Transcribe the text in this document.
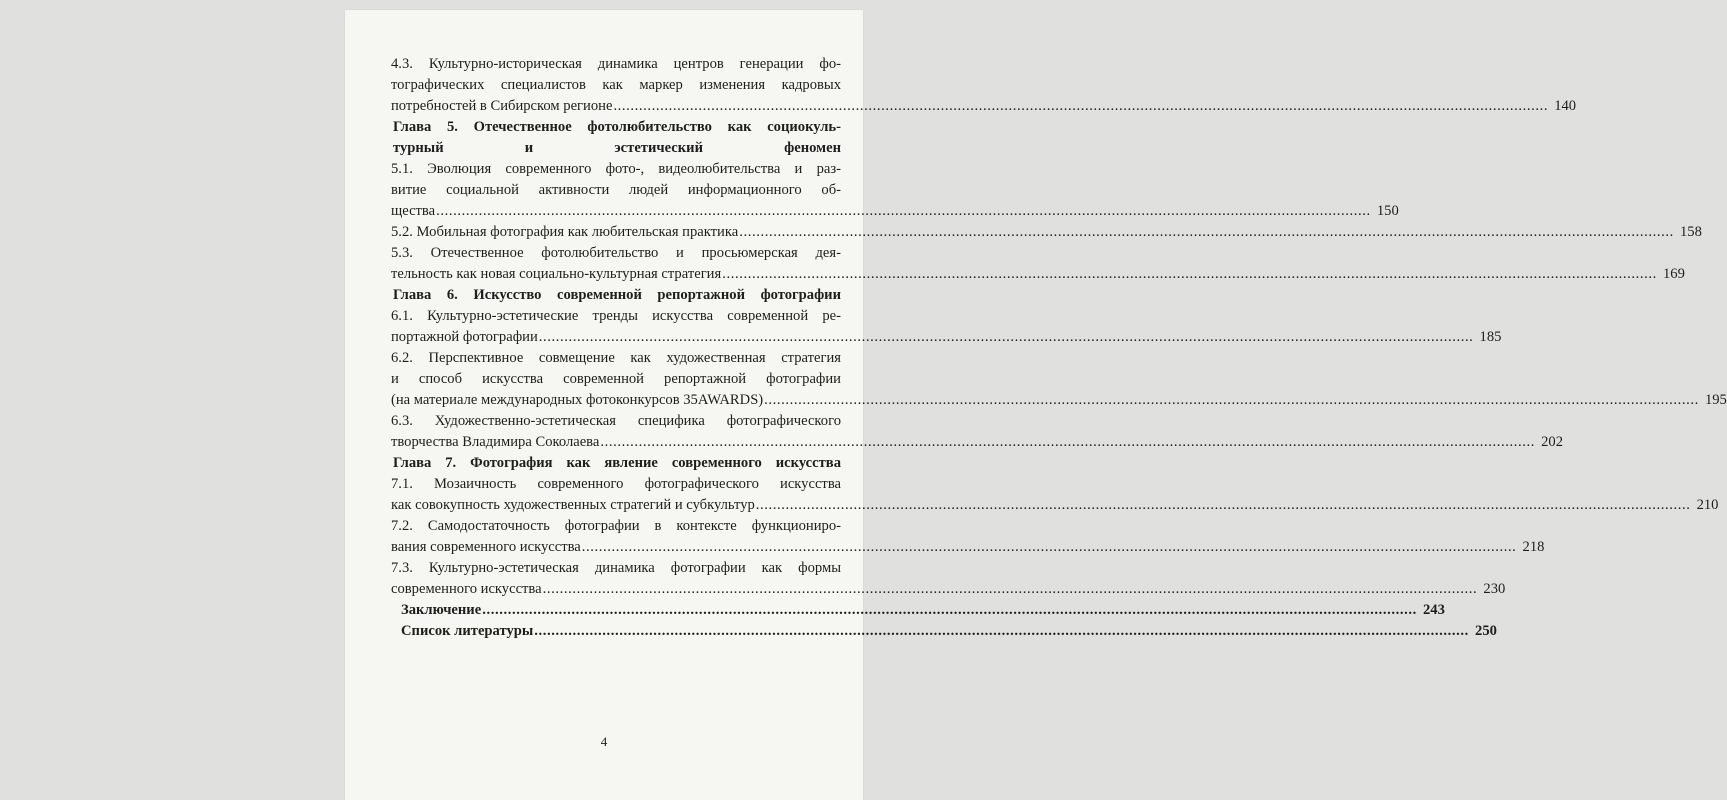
4.3. Культурно-историческая динамика центров генерации фо-
тографических специалистов как маркер изменения кадровых
потребностей в Сибирском регионе ............................................................................................................................................................................................................................ 140
Глава 5. Отечественное фотолюбительство как социокуль-
турный и эстетический феномен
5.1. Эволюция современного фото-, видеолюбительства и раз-
витие социальной активности людей информационного об-
щества ............................................................................................................................................................................................................................ 150
5.2. Мобильная фотография как любительская практика ............................................................................................................................................................................................................................ 158
5.3. Отечественное фотолюбительство и просьюмерская дея-
тельность как новая социально-культурная стратегия ............................................................................................................................................................................................................................ 169
Глава 6. Искусство современной репортажной фотографии
6.1. Культурно-эстетические тренды искусства современной ре-
портажной фотографии ............................................................................................................................................................................................................................ 185
6.2. Перспективное совмещение как художественная стратегия
и способ искусства современной репортажной фотографии
(на материале международных фотоконкурсов 35AWARDS) ............................................................................................................................................................................................................................ 195
6.3. Художественно-эстетическая специфика фотографического
творчества Владимира Соколаева ............................................................................................................................................................................................................................ 202
Глава 7. Фотография как явление современного искусства
7.1. Мозаичность современного фотографического искусства
как совокупность художественных стратегий и субкультур ............................................................................................................................................................................................................................ 210
7.2. Самодостаточность фотографии в контексте функциониро-
вания современного искусства ............................................................................................................................................................................................................................ 218
7.3. Культурно-эстетическая динамика фотографии как формы
современного искусства ............................................................................................................................................................................................................................ 230
Заключение ............................................................................................................................................................................................................................ 243
Список литературы ............................................................................................................................................................................................................................ 250
4
